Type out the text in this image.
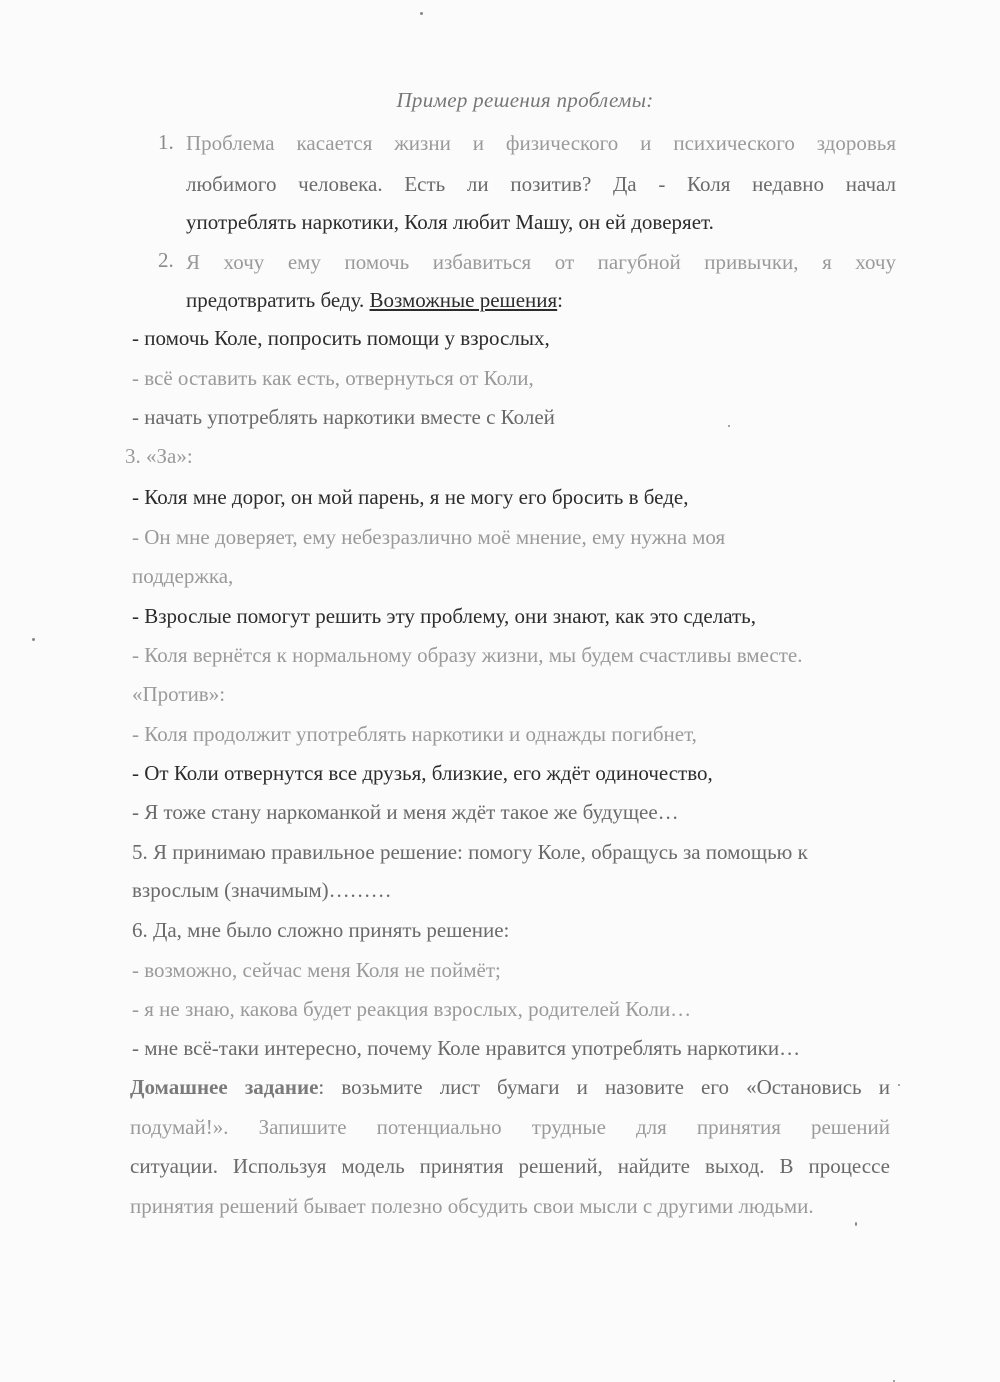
Пример решения проблемы:
1. Проблема касается жизни и физического и психического здоровья
любимого человека. Есть ли позитив? Да - Коля недавно начал
употреблять наркотики, Коля любит Машу, он ей доверяет.
2. Я хочу ему помочь избавиться от пагубной привычки, я хочу
предотвратить беду. Возможные решения:
- помочь Коле, попросить помощи у взрослых,
- всё оставить как есть, отвернуться от Коли,
- начать употреблять наркотики вместе с Колей
3. «За»:
- Коля мне дорог, он мой парень, я не могу его бросить в беде,
- Он мне доверяет, ему небезразлично моё мнение, ему нужна моя
поддержка,
- Взрослые помогут решить эту проблему, они знают, как это сделать,
- Коля вернётся к нормальному образу жизни, мы будем счастливы вместе.
«Против»:
- Коля продолжит употреблять наркотики и однажды погибнет,
- От Коли отвернутся все друзья, близкие, его ждёт одиночество,
- Я тоже стану наркоманкой и меня ждёт такое же будущее…
5. Я принимаю правильное решение: помогу Коле, обращусь за помощью к
взрослым (значимым)………
6. Да, мне было сложно принять решение:
- возможно, сейчас меня Коля не поймёт;
- я не знаю, какова будет реакция взрослых, родителей Коли…
- мне всё-таки интересно, почему Коле нравится употреблять наркотики…
Домашнее задание: возьмите лист бумаги и назовите его «Остановись и
подумай!». Запишите потенциально трудные для принятия решений
ситуации. Используя модель принятия решений, найдите выход. В процессе
принятия решений бывает полезно обсудить свои мысли с другими людьми.
